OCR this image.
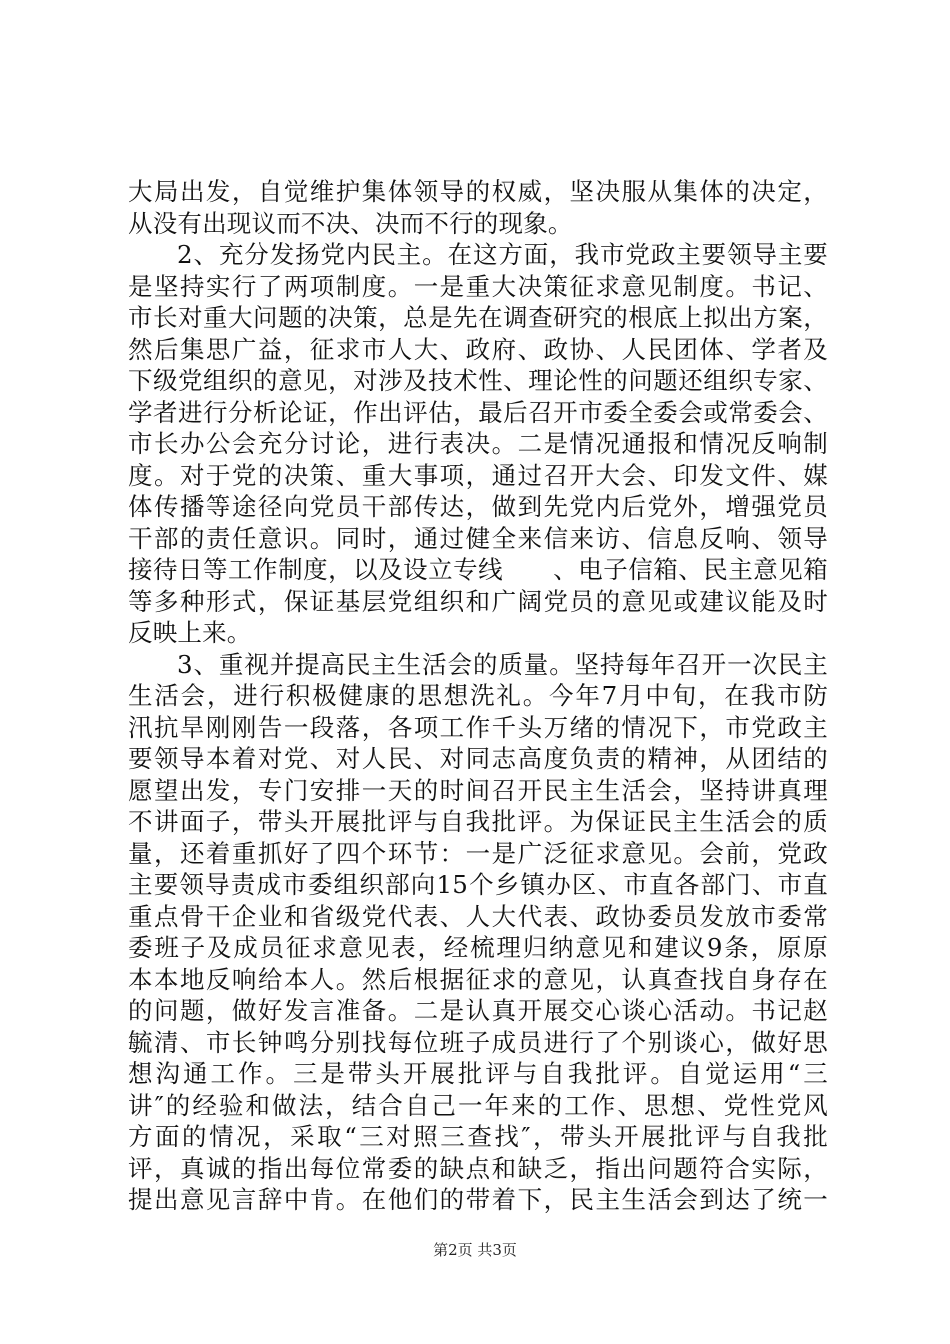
大局出发，自觉维护集体领导的权威，坚决服从集体的决定，
从没有出现议而不决、决而不行的现象。
2、充分发扬党内民主。在这方面，我市党政主要领导主要
是坚持实行了两项制度。一是重大决策征求意见制度。书记、
市长对重大问题的决策，总是先在调查研究的根底上拟出方案，
然后集思广益，征求市人大、政府、政协、人民团体、学者及
下级党组织的意见，对涉及技术性、理论性的问题还组织专家、
学者进行分析论证，作出评估，最后召开市委全委会或常委会、
市长办公会充分讨论，进行表决。二是情况通报和情况反响制
度。对于党的决策、重大事项，通过召开大会、印发文件、媒
体传播等途径向党员干部传达，做到先党内后党外，增强党员
干部的责任意识。同时，通过健全来信来访、信息反响、领导
接待日等工作制度，以及设立专线　　、电子信箱、民主意见箱
等多种形式，保证基层党组织和广阔党员的意见或建议能及时
反映上来。
3、重视并提高民主生活会的质量。坚持每年召开一次民主
生活会，进行积极健康的思想洗礼。今年7月中旬，在我市防
汛抗旱刚刚告一段落，各项工作千头万绪的情况下，市党政主
要领导本着对党、对人民、对同志高度负责的精神，从团结的
愿望出发，专门安排一天的时间召开民主生活会，坚持讲真理
不讲面子，带头开展批评与自我批评。为保证民主生活会的质
量，还着重抓好了四个环节：一是广泛征求意见。会前，党政
主要领导责成市委组织部向15个乡镇办区、市直各部门、市直
重点骨干企业和省级党代表、人大代表、政协委员发放市委常
委班子及成员征求意见表，经梳理归纳意见和建议9条，原原
本本地反响给本人。然后根据征求的意见，认真查找自身存在
的问题，做好发言准备。二是认真开展交心谈心活动。书记赵
毓清、市长钟鸣分别找每位班子成员进行了个别谈心，做好思
想沟通工作。三是带头开展批评与自我批评。自觉运用“三
讲″的经验和做法，结合自己一年来的工作、思想、党性党风
方面的情况，采取“三对照三查找″，带头开展批评与自我批
评，真诚的指出每位常委的缺点和缺乏，指出问题符合实际，
提出意见言辞中肯。在他们的带着下，民主生活会到达了统一
第2页 共3页
